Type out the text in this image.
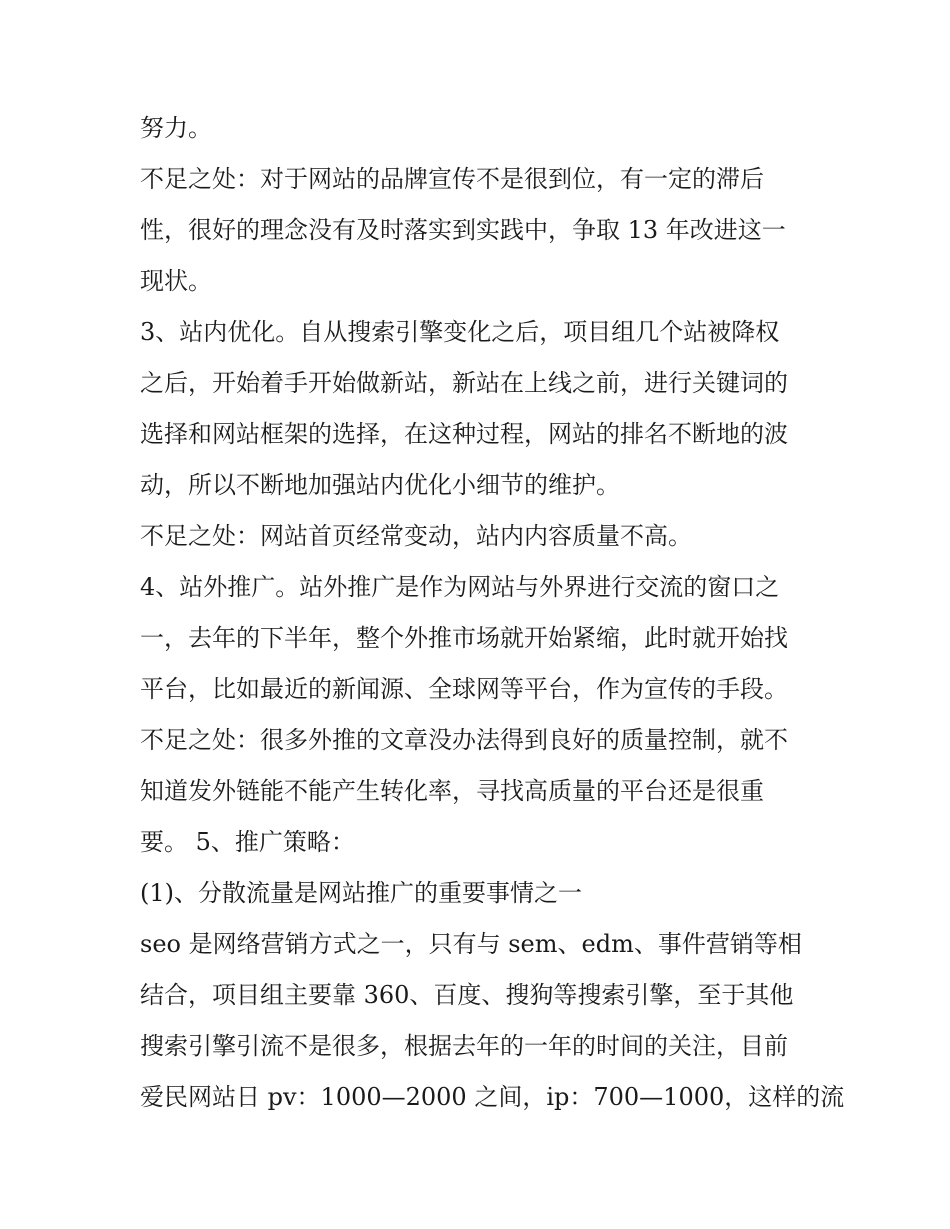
努力。
不足之处：对于网站的品牌宣传不是很到位，有一定的滞后
性，很好的理念没有及时落实到实践中，争取 13 年改进这一
现状。
3、站内优化。自从搜索引擎变化之后，项目组几个站被降权
之后，开始着手开始做新站，新站在上线之前，进行关键词的
选择和网站框架的选择，在这种过程，网站的排名不断地的波
动，所以不断地加强站内优化小细节的维护。
不足之处：网站首页经常变动，站内内容质量不高。
4、站外推广。站外推广是作为网站与外界进行交流的窗口之
一，去年的下半年，整个外推市场就开始紧缩，此时就开始找
平台，比如最近的新闻源、全球网等平台，作为宣传的手段。
不足之处：很多外推的文章没办法得到良好的质量控制，就不
知道发外链能不能产生转化率，寻找高质量的平台还是很重
要。 5、推广策略：
(1)、分散流量是网站推广的重要事情之一
seo 是网络营销方式之一，只有与 sem、edm、事件营销等相
结合，项目组主要靠 360、百度、搜狗等搜索引擎，至于其他
搜索引擎引流不是很多，根据去年的一年的时间的关注，目前
爱民网站日 pv：1000—2000 之间，ip：700—1000，这样的流
